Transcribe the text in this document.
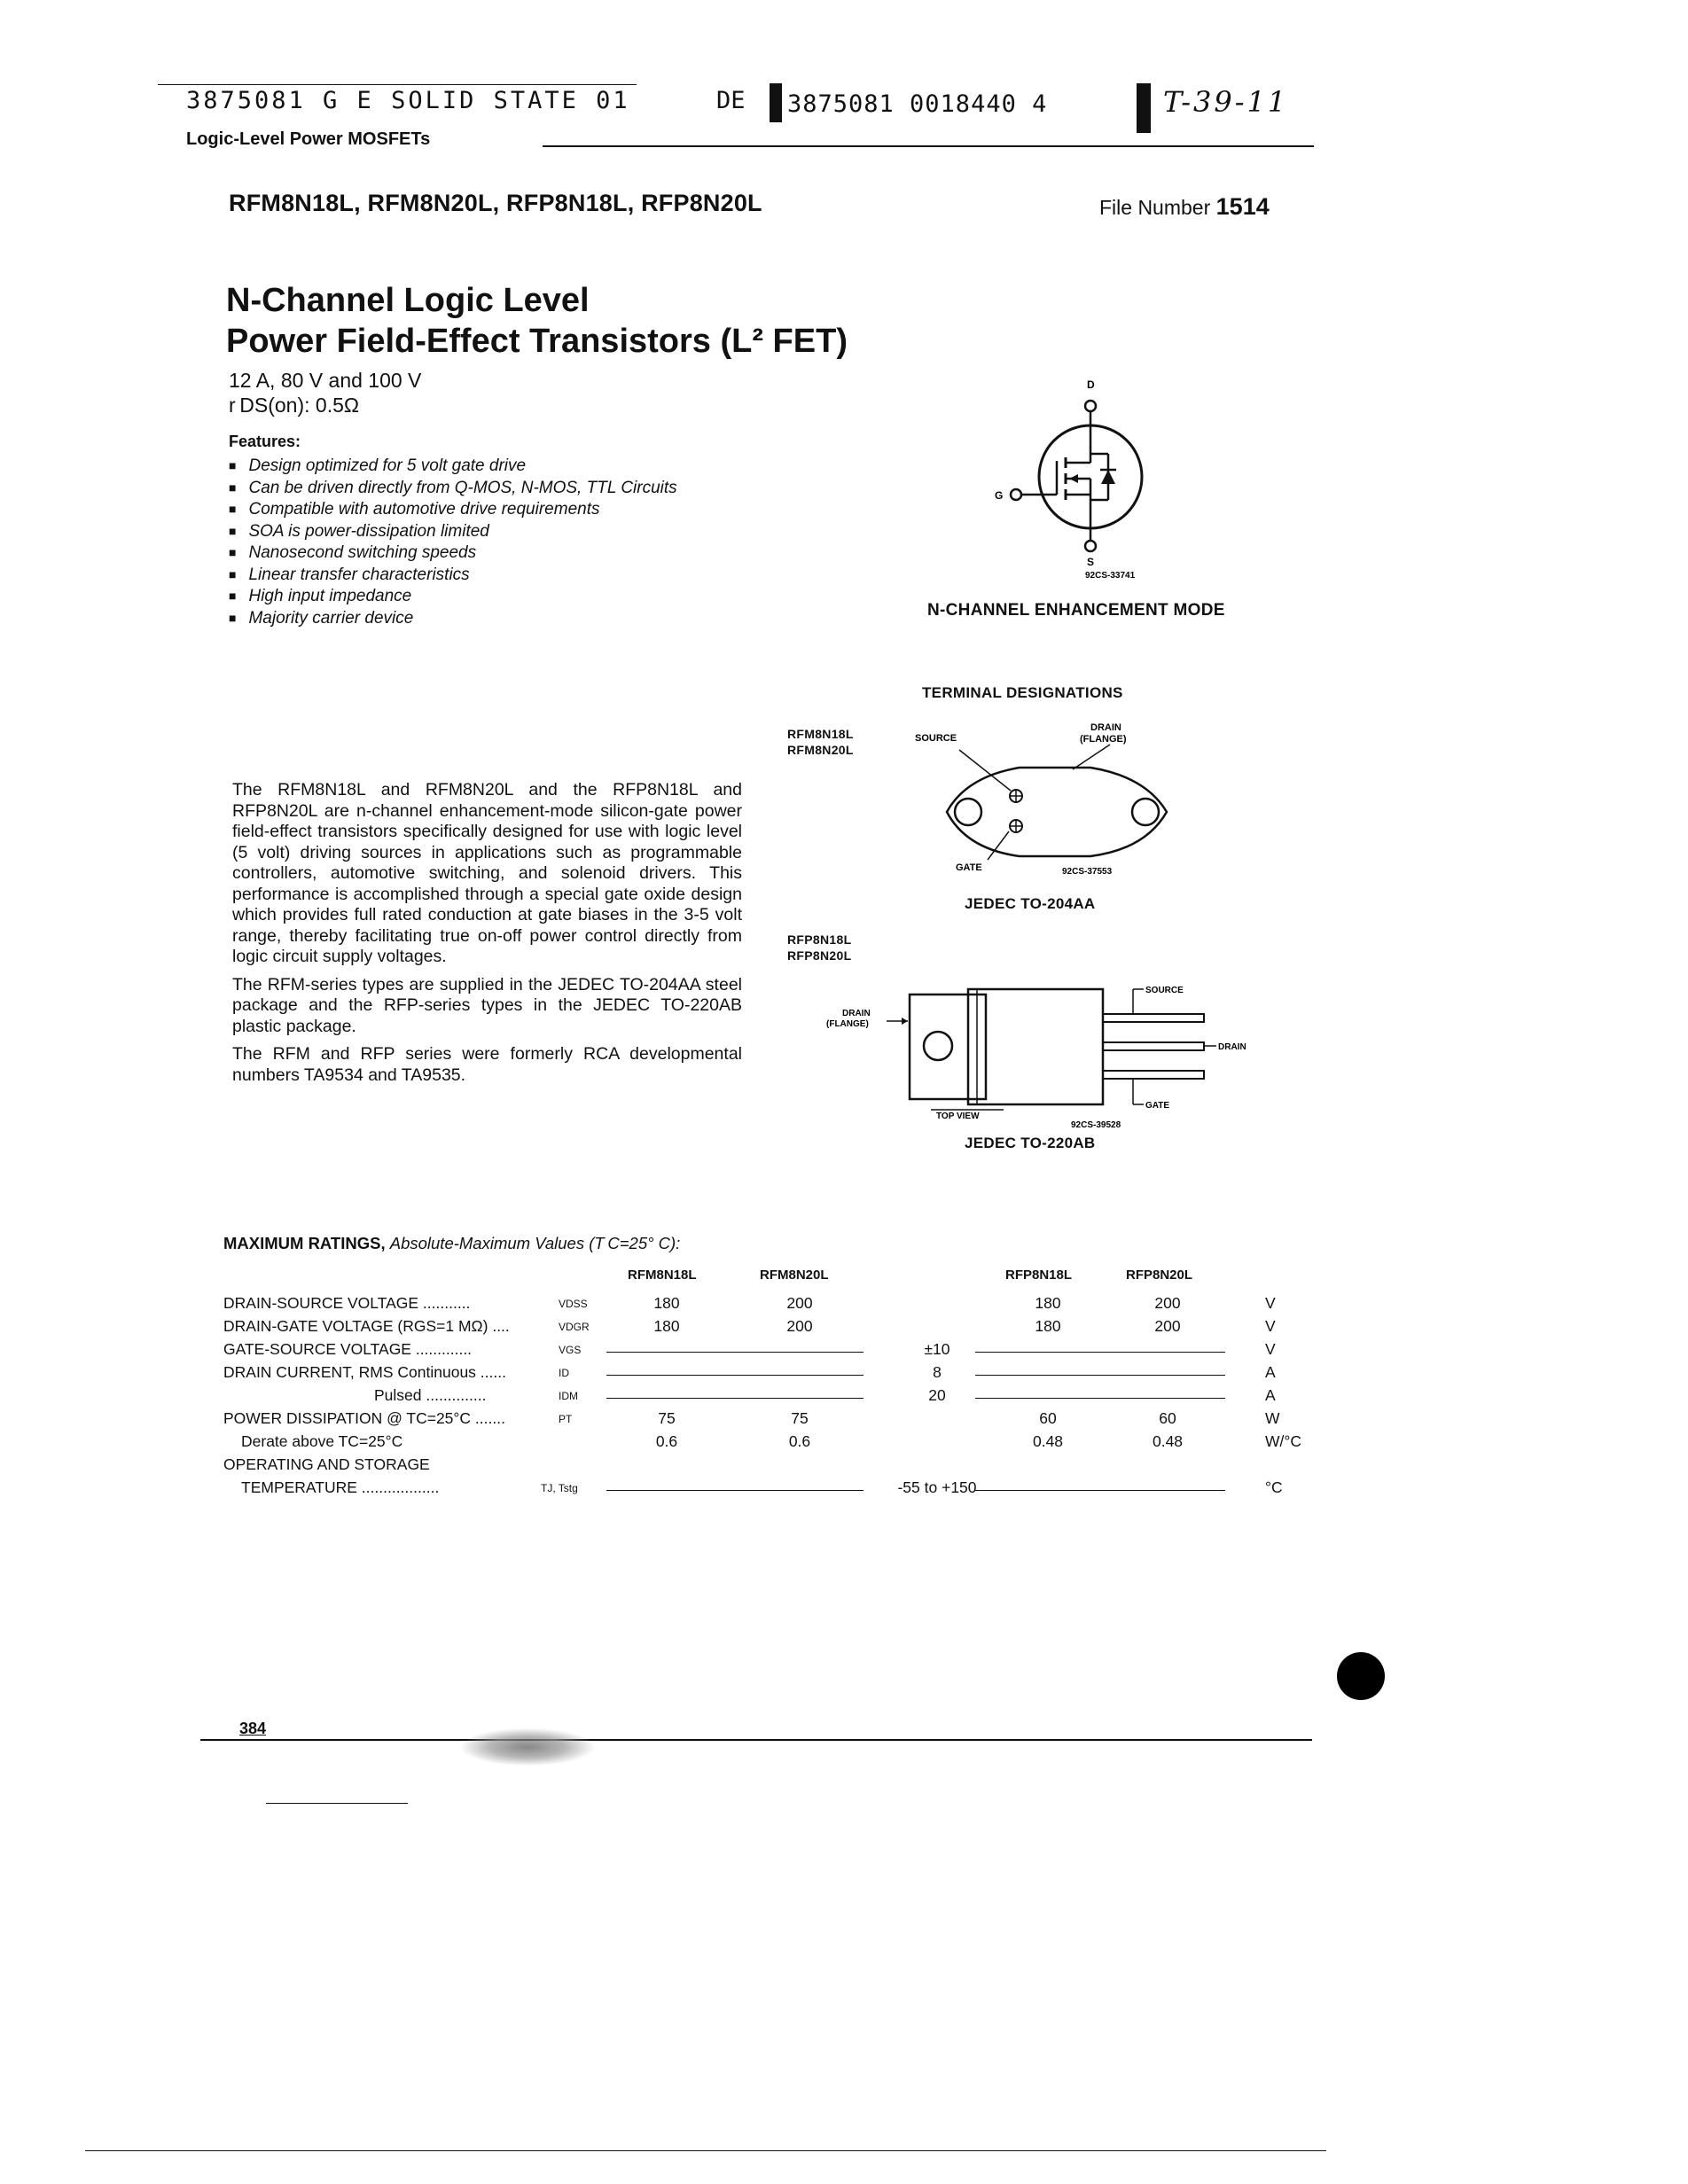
3875081 G E SOLID STATE 01	DE 3875081 0018440 4	T-39-11
Logic-Level Power MOSFETs
RFM8N18L, RFM8N20L, RFP8N18L, RFP8N20L	File Number 1514
N-Channel Logic Level
Power Field-Effect Transistors (L² FET)
12 A, 80 V and 100 V
r DS(on): 0.5Ω
Features:
■ Design optimized for 5 volt gate drive
■ Can be driven directly from Q-MOS, N-MOS, TTL Circuits
■ Compatible with automotive drive requirements
■ SOA is power-dissipation limited
■ Nanosecond switching speeds
■ Linear transfer characteristics
■ High input impedance
■ Majority carrier device
D
G
S
92CS-33741
N-CHANNEL ENHANCEMENT MODE
TERMINAL DESIGNATIONS
RFM8N18L
RFM8N20L
SOURCE
DRAIN
(FLANGE)
GATE	92CS-37553
JEDEC TO-204AA
RFP8N18L
RFP8N20L
SOURCE
DRAIN
GATE
DRAIN
(FLANGE)
TOP VIEW
92CS-39528
JEDEC TO-220AB

The RFM8N18L and RFM8N20L and the RFP8N18L and RFP8N20L are n-channel enhancement-mode silicon-gate power field-effect transistors specifically designed for use with logic level (5 volt) driving sources in applications such as programmable controllers, automotive switching, and solenoid drivers. This performance is accomplished through a special gate oxide design which provides full rated conduction at gate biases in the 3-5 volt range, thereby facilitating true on-off power control directly from logic circuit supply voltages.

The RFM-series types are supplied in the JEDEC TO-204AA steel package and the RFP-series types in the JEDEC TO-220AB plastic package.

The RFM and RFP series were formerly RCA developmental numbers TA9534 and TA9535.

MAXIMUM RATINGS, Absolute-Maximum Values (T C=25° C):
RFM8N18L	RFM8N20L	RFP8N18L	RFP8N20L
DRAIN-SOURCE VOLTAGE ...........	VDSS	180	200	180	200	V
DRAIN-GATE VOLTAGE (RGS=1 MΩ) ....	VDGR	180	200	180	200	V
GATE-SOURCE VOLTAGE .............	VGS	±10	V
DRAIN CURRENT, RMS Continuous ......	ID	8	A
Pulsed ..............	IDM	20	A
POWER DISSIPATION @ TC=25°C .......	PT	75	75	60	60	W
Derate above TC=25°C	0.6	0.6	0.48	0.48	W/°C
OPERATING AND STORAGE
TEMPERATURE ..................	TJ, Tstg	-55 to +150	°C
384
